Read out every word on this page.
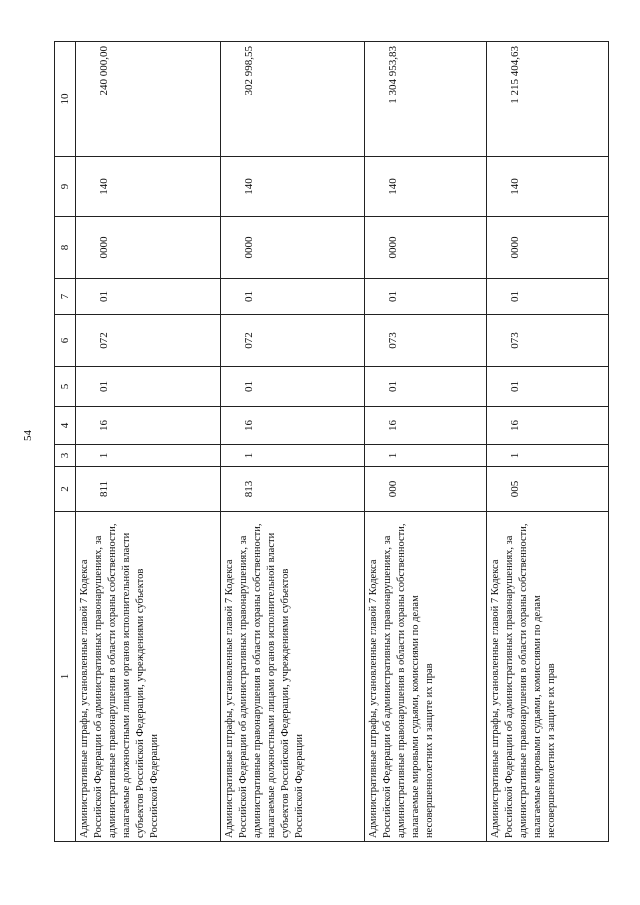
54
1	2	3	4	5	6	7	8	9	10
Административные штрафы, установленные главой 7 Кодекса Российской Федерации об административных правонарушениях, за административные правонарушения в области охраны собственности, налагаемые должностными лицами органов исполнительной власти субъектов Российской Федерации, учреждениями субъектов Российской Федерации	811	1	16	01	072	01	0000	140	240 000,00
Административные штрафы, установленные главой 7 Кодекса Российской Федерации об административных правонарушениях, за административные правонарушения в области охраны собственности, налагаемые должностными лицами органов исполнительной власти субъектов Российской Федерации, учреждениями субъектов Российской Федерации	813	1	16	01	072	01	0000	140	302 998,55
Административные штрафы, установленные главой 7 Кодекса Российской Федерации об административных правонарушениях, за административные правонарушения в области охраны собственности, налагаемые мировыми судьями, комиссиями по делам несовершеннолетних и защите их прав	000	1	16	01	073	01	0000	140	1 304 953,83
Административные штрафы, установленные главой 7 Кодекса Российской Федерации об административных правонарушениях, за административные правонарушения в области охраны собственности, налагаемые мировыми судьями, комиссиями по делам несовершеннолетних и защите их прав	005	1	16	01	073	01	0000	140	1 215 404,63
